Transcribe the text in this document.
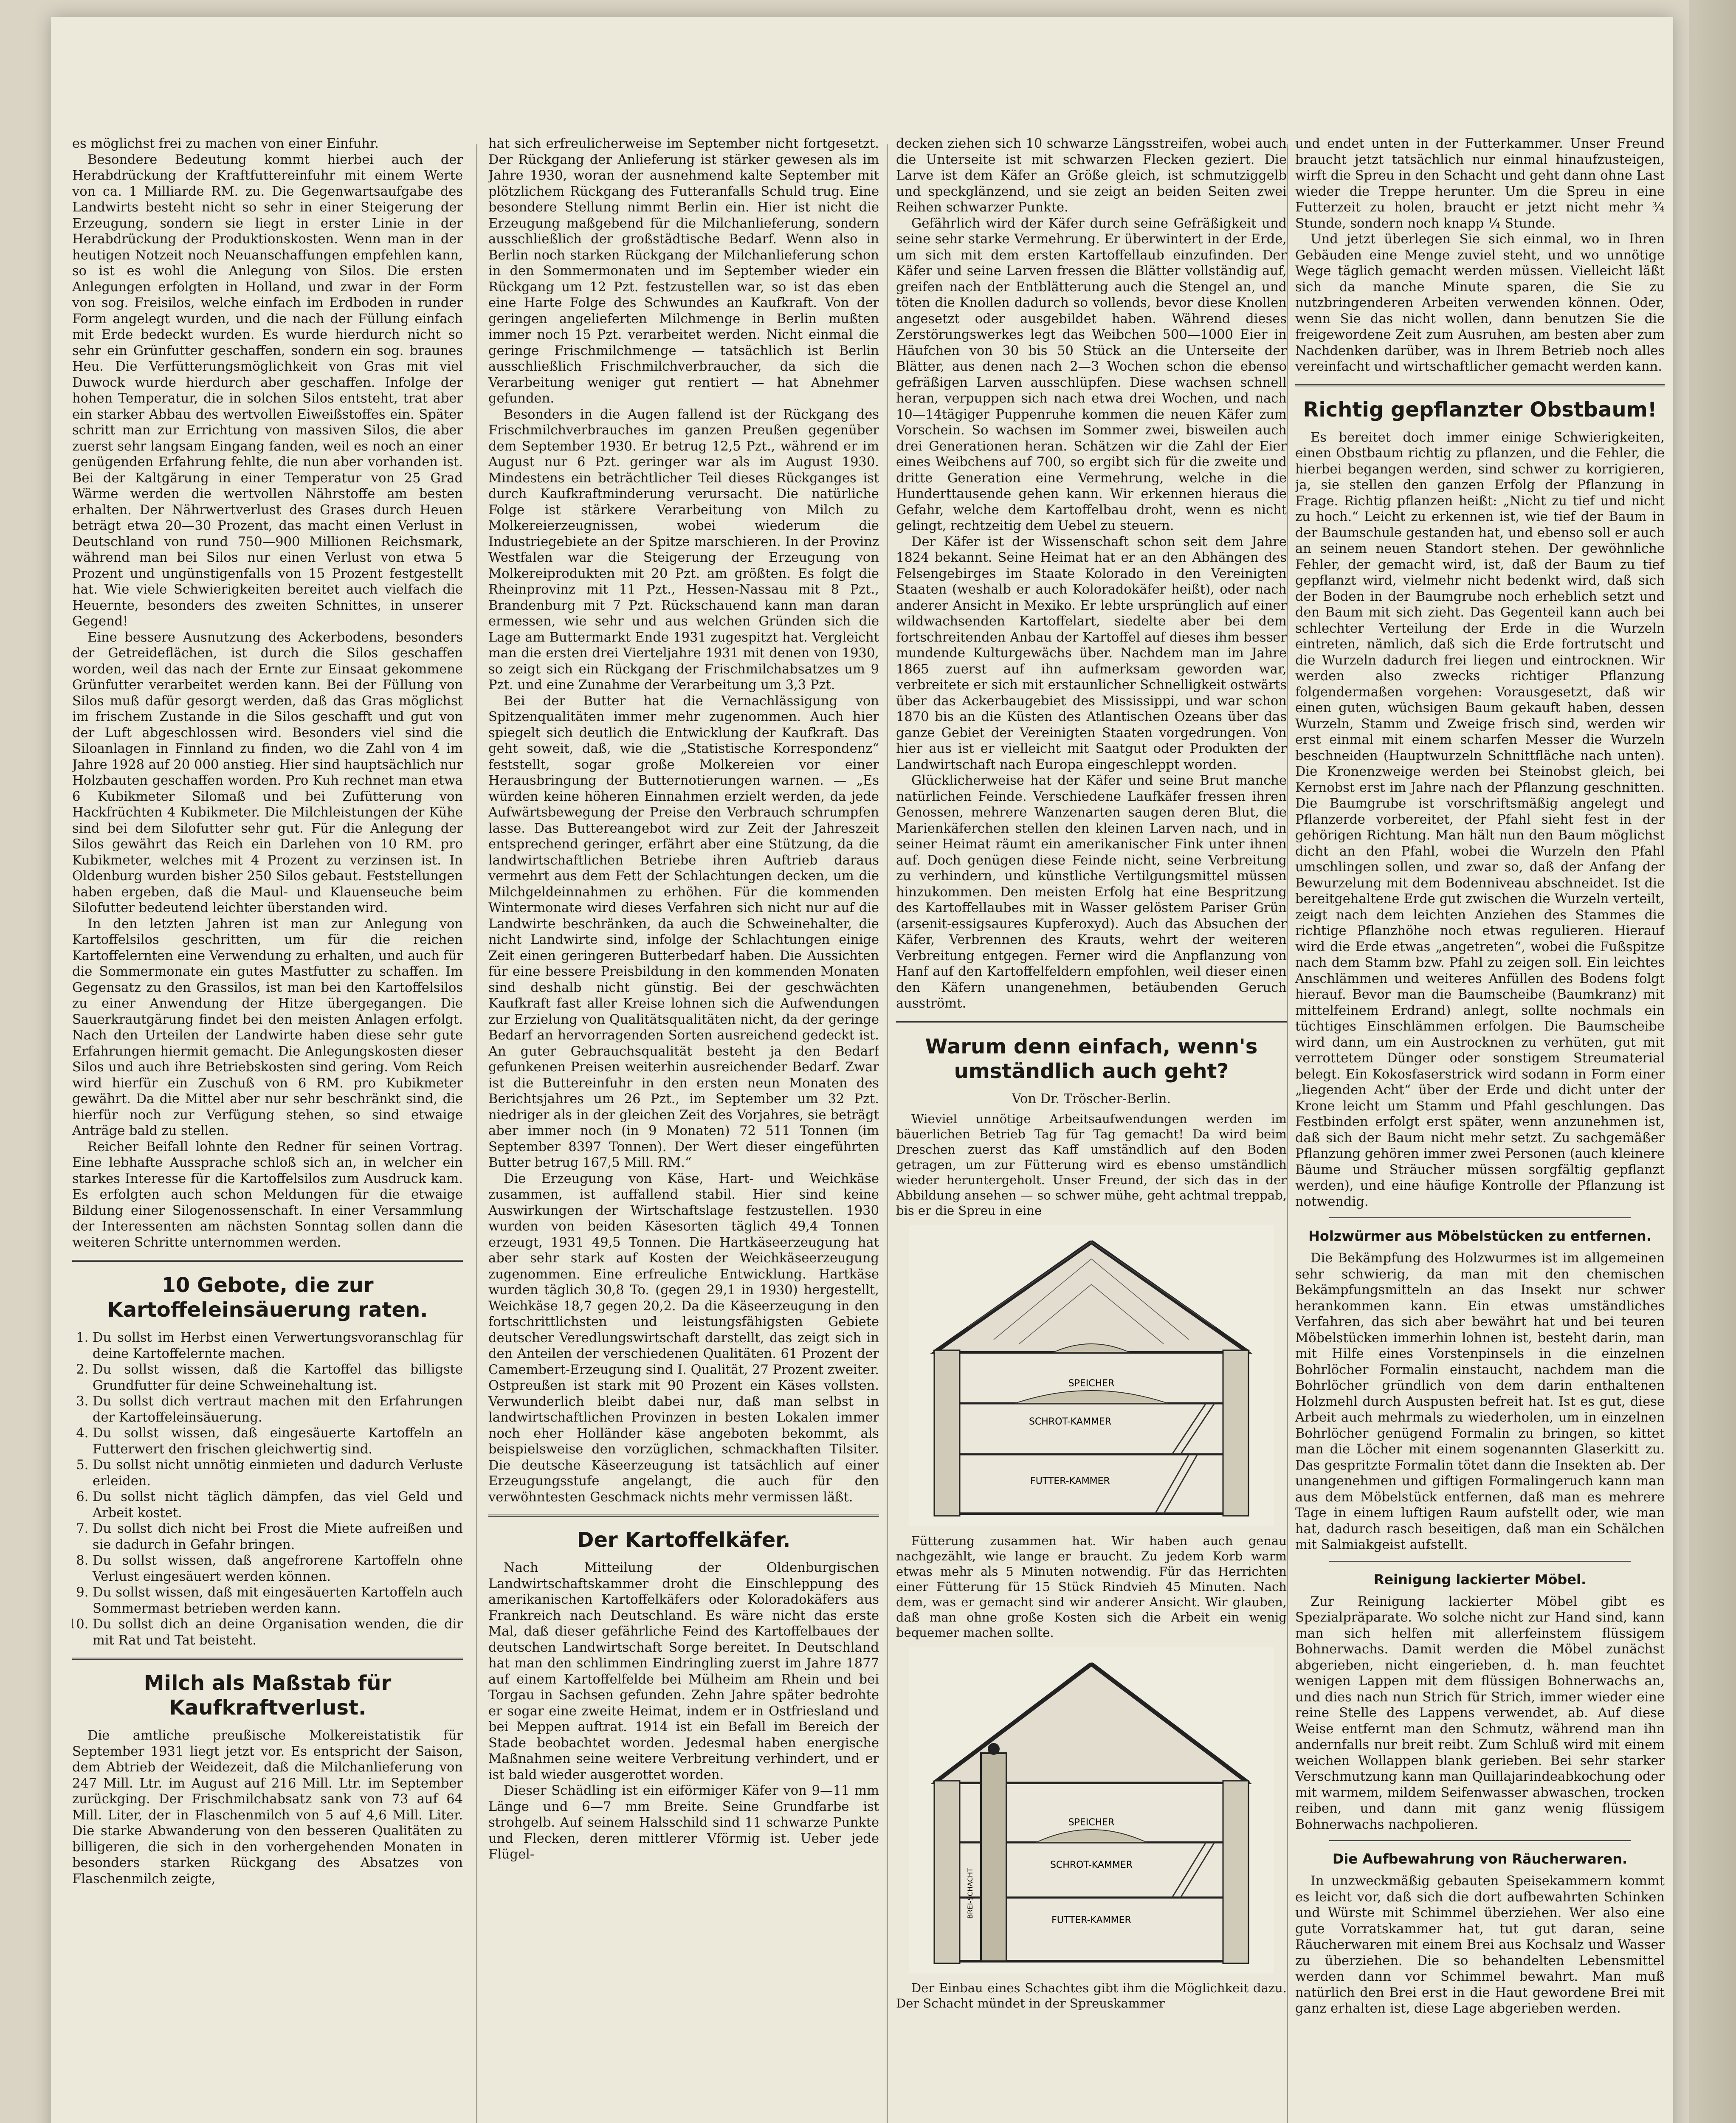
es möglichst frei zu machen von einer Einfuhr.

Besondere Bedeutung kommt hierbei auch der Herabdrückung der Kraftfuttereinfuhr mit einem Werte von ca. 1 Milliarde RM. zu. Die Gegenwartsaufgabe des Landwirts besteht nicht so sehr in einer Steigerung der Erzeugung, sondern sie liegt in erster Linie in der Herabdrückung der Produktionskosten. Wenn man in der heutigen Notzeit noch Neuanschaffungen empfehlen kann, so ist es wohl die Anlegung von Silos. Die ersten Anlegungen erfolgten in Holland, und zwar in der Form von sog. Freisilos, welche einfach im Erdboden in runder Form angelegt wurden, und die nach der Füllung einfach mit Erde bedeckt wurden. Es wurde hierdurch nicht so sehr ein Grünfutter geschaffen, sondern ein sog. braunes Heu. Die Verfütterungsmöglichkeit von Gras mit viel Duwock wurde hierdurch aber geschaffen. Infolge der hohen Temperatur, die in solchen Silos entsteht, trat aber ein starker Abbau des wertvollen Eiweißstoffes ein. Später schritt man zur Errichtung von massiven Silos, die aber zuerst sehr langsam Eingang fanden, weil es noch an einer genügenden Erfahrung fehlte, die nun aber vorhanden ist. Bei der Kaltgärung in einer Temperatur von 25 Grad Wärme werden die wertvollen Nährstoffe am besten erhalten. Der Nährwertverlust des Grases durch Heuen beträgt etwa 20—30 Prozent, das macht einen Verlust in Deutschland von rund 750—900 Millionen Reichsmark, während man bei Silos nur einen Verlust von etwa 5 Prozent und ungünstigenfalls von 15 Prozent festgestellt hat. Wie viele Schwierigkeiten bereitet auch vielfach die Heuernte, besonders des zweiten Schnittes, in unserer Gegend!

Eine bessere Ausnutzung des Ackerbodens, besonders der Getreideflächen, ist durch die Silos geschaffen worden, weil das nach der Ernte zur Einsaat gekommene Grünfutter verarbeitet werden kann. Bei der Füllung von Silos muß dafür gesorgt werden, daß das Gras möglichst im frischem Zustande in die Silos geschafft und gut von der Luft abgeschlossen wird. Besonders viel sind die Siloanlagen in Finnland zu finden, wo die Zahl von 4 im Jahre 1928 auf 20 000 anstieg. Hier sind hauptsächlich nur Holzbauten geschaffen worden. Pro Kuh rechnet man etwa 6 Kubikmeter Silomaß und bei Zufütterung von Hackfrüchten 4 Kubikmeter. Die Milchleistungen der Kühe sind bei dem Silofutter sehr gut. Für die Anlegung der Silos gewährt das Reich ein Darlehen von 10 RM. pro Kubikmeter, welches mit 4 Prozent zu verzinsen ist. In Oldenburg wurden bisher 250 Silos gebaut. Feststellungen haben ergeben, daß die Maul- und Klauenseuche beim Silofutter bedeutend leichter überstanden wird.

In den letzten Jahren ist man zur Anlegung von Kartoffelsilos geschritten, um für die reichen Kartoffelernten eine Verwendung zu erhalten, und auch für die Sommermonate ein gutes Mastfutter zu schaffen. Im Gegensatz zu den Grassilos, ist man bei den Kartoffelsilos zu einer Anwendung der Hitze übergegangen. Die Sauerkrautgärung findet bei den meisten Anlagen erfolgt. Nach den Urteilen der Landwirte haben diese sehr gute Erfahrungen hiermit gemacht. Die Anlegungskosten dieser Silos und auch ihre Betriebskosten sind gering. Vom Reich wird hierfür ein Zuschuß von 6 RM. pro Kubikmeter gewährt. Da die Mittel aber nur sehr beschränkt sind, die hierfür noch zur Verfügung stehen, so sind etwaige Anträge bald zu stellen.

Reicher Beifall lohnte den Redner für seinen Vortrag. Eine lebhafte Aussprache schloß sich an, in welcher ein starkes Interesse für die Kartoffelsilos zum Ausdruck kam. Es erfolgten auch schon Meldungen für die etwaige Bildung einer Silogenossenschaft. In einer Versammlung der Interessenten am nächsten Sonntag sollen dann die weiteren Schritte unternommen werden.

10 Gebote, die zur Kartoffeleinsäuerung raten.
1. Du sollst im Herbst einen Verwertungsvoranschlag für deine Kartoffelernte machen.
2. Du sollst wissen, daß die Kartoffel das billigste Grundfutter für deine Schweinehaltung ist.
3. Du sollst dich vertraut machen mit den Erfahrungen der Kartoffeleinsäuerung.
4. Du sollst wissen, daß eingesäuerte Kartoffeln an Futterwert den frischen gleichwertig sind.
5. Du sollst nicht unnötig einmieten und dadurch Verluste erleiden.
6. Du sollst nicht täglich dämpfen, das viel Geld und Arbeit kostet.
7. Du sollst dich nicht bei Frost die Miete aufreißen und sie dadurch in Gefahr bringen.
8. Du sollst wissen, daß angefrorene Kartoffeln ohne Verlust eingesäuert werden können.
9. Du sollst wissen, daß mit eingesäuerten Kartoffeln auch Sommermast betrieben werden kann.
10. Du sollst dich an deine Organisation wenden, die dir mit Rat und Tat beisteht.
Milch als Maßstab für Kaufkraftverlust.

Die amtliche preußische Molkereistatistik für September 1931 liegt jetzt vor. Es entspricht der Saison, dem Abtrieb der Weidezeit, daß die Milchanlieferung von 247 Mill. Ltr. im August auf 216 Mill. Ltr. im September zurückging. Der Frischmilchabsatz sank von 73 auf 64 Mill. Liter, der in Flaschenmilch von 5 auf 4,6 Mill. Liter. Die starke Abwanderung von den besseren Qualitäten zu billigeren, die sich in den vorhergehenden Monaten in besonders starken Rückgang des Absatzes von Flaschenmilch zeigte,

hat sich erfreulicherweise im September nicht fortgesetzt. Der Rückgang der Anlieferung ist stärker gewesen als im Jahre 1930, woran der ausnehmend kalte September mit plötzlichem Rückgang des Futteranfalls Schuld trug. Eine besondere Stellung nimmt Berlin ein. Hier ist nicht die Erzeugung maßgebend für die Milchanlieferung, sondern ausschließlich der großstädtische Bedarf. Wenn also in Berlin noch starken Rückgang der Milchanlieferung schon in den Sommermonaten und im September wieder ein Rückgang um 12 Pzt. festzustellen war, so ist das eben eine Harte Folge des Schwundes an Kaufkraft. Von der geringen angelieferten Milchmenge in Berlin mußten immer noch 15 Pzt. verarbeitet werden. Nicht einmal die geringe Frischmilchmenge — tatsächlich ist Berlin ausschließlich Frischmilchverbraucher, da sich die Verarbeitung weniger gut rentiert — hat Abnehmer gefunden.

Besonders in die Augen fallend ist der Rückgang des Frischmilchverbrauches im ganzen Preußen gegenüber dem September 1930. Er betrug 12,5 Pzt., während er im August nur 6 Pzt. geringer war als im August 1930. Mindestens ein beträchtlicher Teil dieses Rückganges ist durch Kaufkraftminderung verursacht. Die natürliche Folge ist stärkere Verarbeitung von Milch zu Molkereierzeugnissen, wobei wiederum die Industriegebiete an der Spitze marschieren. In der Provinz Westfalen war die Steigerung der Erzeugung von Molkereiprodukten mit 20 Pzt. am größten. Es folgt die Rheinprovinz mit 11 Pzt., Hessen-Nassau mit 8 Pzt., Brandenburg mit 7 Pzt. Rückschauend kann man daran ermessen, wie sehr und aus welchen Gründen sich die Lage am Buttermarkt Ende 1931 zugespitzt hat. Vergleicht man die ersten drei Vierteljahre 1931 mit denen von 1930, so zeigt sich ein Rückgang der Frischmilchabsatzes um 9 Pzt. und eine Zunahme der Verarbeitung um 3,3 Pzt.

Bei der Butter hat die Vernachlässigung von Spitzenqualitäten immer mehr zugenommen. Auch hier spiegelt sich deutlich die Entwicklung der Kaufkraft. Das geht soweit, daß, wie die „Statistische Korrespondenz“ feststellt, sogar große Molkereien vor einer Herausbringung der Butternotierungen warnen. — „Es würden keine höheren Einnahmen erzielt werden, da jede Aufwärtsbewegung der Preise den Verbrauch schrumpfen lasse. Das Buttereangebot wird zur Zeit der Jahreszeit entsprechend geringer, erfährt aber eine Stützung, da die landwirtschaftlichen Betriebe ihren Auftrieb daraus vermehrt aus dem Fett der Schlachtungen decken, um die Milchgeldeinnahmen zu erhöhen. Für die kommenden Wintermonate wird dieses Verfahren sich nicht nur auf die Landwirte beschränken, da auch die Schweinehalter, die nicht Landwirte sind, infolge der Schlachtungen einige Zeit einen geringeren Butterbedarf haben. Die Aussichten für eine bessere Preisbildung in den kommenden Monaten sind deshalb nicht günstig. Bei der geschwächten Kaufkraft fast aller Kreise lohnen sich die Aufwendungen zur Erzielung von Qualitätsqualitäten nicht, da der geringe Bedarf an hervorragenden Sorten ausreichend gedeckt ist. An guter Gebrauchsqualität besteht ja den Bedarf gefunkenen Preisen weiterhin ausreichender Bedarf. Zwar ist die Buttereinfuhr in den ersten neun Monaten des Berichtsjahres um 26 Pzt., im September um 32 Pzt. niedriger als in der gleichen Zeit des Vorjahres, sie beträgt aber immer noch (in 9 Monaten) 72 511 Tonnen (im September 8397 Tonnen). Der Wert dieser eingeführten Butter betrug 167,5 Mill. RM.“

Die Erzeugung von Käse, Hart- und Weichkäse zusammen, ist auffallend stabil. Hier sind keine Auswirkungen der Wirtschaftslage festzustellen. 1930 wurden von beiden Käsesorten täglich 49,4 Tonnen erzeugt, 1931 49,5 Tonnen. Die Hartkäseerzeugung hat aber sehr stark auf Kosten der Weichkäseerzeugung zugenommen. Eine erfreuliche Entwicklung. Hartkäse wurden täglich 30,8 To. (gegen 29,1 in 1930) hergestellt, Weichkäse 18,7 gegen 20,2. Da die Käseerzeugung in den fortschrittlichsten und leistungsfähigsten Gebiete deutscher Veredlungswirtschaft darstellt, das zeigt sich in den Anteilen der verschiedenen Qualitäten. 61 Prozent der Camembert-Erzeugung sind I. Qualität, 27 Prozent zweiter. Ostpreußen ist stark mit 90 Prozent ein Käses vollsten. Verwunderlich bleibt dabei nur, daß man selbst in landwirtschaftlichen Provinzen in besten Lokalen immer noch eher Holländer käse angeboten bekommt, als beispielsweise den vorzüglichen, schmackhaften Tilsiter. Die deutsche Käseerzeugung ist tatsächlich auf einer Erzeugungsstufe angelangt, die auch für den verwöhntesten Geschmack nichts mehr vermissen läßt.

Der Kartoffelkäfer.

Nach Mitteilung der Oldenburgischen Landwirtschaftskammer droht die Einschleppung des amerikanischen Kartoffelkäfers oder Koloradokäfers aus Frankreich nach Deutschland. Es wäre nicht das erste Mal, daß dieser gefährliche Feind des Kartoffelbaues der deutschen Landwirtschaft Sorge bereitet. In Deutschland hat man den schlimmen Eindringling zuerst im Jahre 1877 auf einem Kartoffelfelde bei Mülheim am Rhein und bei Torgau in Sachsen gefunden. Zehn Jahre später bedrohte er sogar eine zweite Heimat, indem er in Ostfriesland und bei Meppen auftrat. 1914 ist ein Befall im Bereich der Stade beobachtet worden. Jedesmal haben energische Maßnahmen seine weitere Verbreitung verhindert, und er ist bald wieder ausgerottet worden.

Dieser Schädling ist ein eiförmiger Käfer von 9—11 mm Länge und 6—7 mm Breite. Seine Grundfarbe ist strohgelb. Auf seinem Halsschild sind 11 schwarze Punkte und Flecken, deren mittlerer Vförmig ist. Ueber jede Flügel-

decken ziehen sich 10 schwarze Längsstreifen, wobei auch die Unterseite ist mit schwarzen Flecken geziert. Die Larve ist dem Käfer an Größe gleich, ist schmutziggelb und speckglänzend, und sie zeigt an beiden Seiten zwei Reihen schwarzer Punkte.

Gefährlich wird der Käfer durch seine Gefräßigkeit und seine sehr starke Vermehrung. Er überwintert in der Erde, um sich mit dem ersten Kartoffellaub einzufinden. Der Käfer und seine Larven fressen die Blätter vollständig auf, greifen nach der Entblätterung auch die Stengel an, und töten die Knollen dadurch so vollends, bevor diese Knollen angesetzt oder ausgebildet haben. Während dieses Zerstörungswerkes legt das Weibchen 500—1000 Eier in Häufchen von 30 bis 50 Stück an die Unterseite der Blätter, aus denen nach 2—3 Wochen schon die ebenso gefräßigen Larven ausschlüpfen. Diese wachsen schnell heran, verpuppen sich nach etwa drei Wochen, und nach 10—14tägiger Puppenruhe kommen die neuen Käfer zum Vorschein. So wachsen im Sommer zwei, bisweilen auch drei Generationen heran. Schätzen wir die Zahl der Eier eines Weibchens auf 700, so ergibt sich für die zweite und dritte Generation eine Vermehrung, welche in die Hunderttausende gehen kann. Wir erkennen hieraus die Gefahr, welche dem Kartoffelbau droht, wenn es nicht gelingt, rechtzeitig dem Uebel zu steuern.

Der Käfer ist der Wissenschaft schon seit dem Jahre 1824 bekannt. Seine Heimat hat er an den Abhängen des Felsengebirges im Staate Kolorado in den Vereinigten Staaten (weshalb er auch Koloradokäfer heißt), oder nach anderer Ansicht in Mexiko. Er lebte ursprünglich auf einer wildwachsenden Kartoffelart, siedelte aber bei dem fortschreitenden Anbau der Kartoffel auf dieses ihm besser mundende Kulturgewächs über. Nachdem man im Jahre 1865 zuerst auf ihn aufmerksam geworden war, verbreitete er sich mit erstaunlicher Schnelligkeit ostwärts über das Ackerbaugebiet des Mississippi, und war schon 1870 bis an die Küsten des Atlantischen Ozeans über das ganze Gebiet der Vereinigten Staaten vorgedrungen. Von hier aus ist er vielleicht mit Saatgut oder Produkten der Landwirtschaft nach Europa eingeschleppt worden.

Glücklicherweise hat der Käfer und seine Brut manche natürlichen Feinde. Verschiedene Laufkäfer fressen ihren Genossen, mehrere Wanzenarten saugen deren Blut, die Marienkäferchen stellen den kleinen Larven nach, und in seiner Heimat räumt ein amerikanischer Fink unter ihnen auf. Doch genügen diese Feinde nicht, seine Verbreitung zu verhindern, und künstliche Vertilgungsmittel müssen hinzukommen. Den meisten Erfolg hat eine Bespritzung des Kartoffellaubes mit in Wasser gelöstem Pariser Grün (arsenit-essigsaures Kupferoxyd). Auch das Absuchen der Käfer, Verbrennen des Krauts, wehrt der weiteren Verbreitung entgegen. Ferner wird die Anpflanzung von Hanf auf den Kartoffelfeldern empfohlen, weil dieser einen den Käfern unangenehmen, betäubenden Geruch ausströmt.

Warum denn einfach, wenn's umständlich auch geht?
Von Dr. Tröscher-Berlin.

Wieviel unnötige Arbeitsaufwendungen werden im bäuerlichen Betrieb Tag für Tag gemacht! Da wird beim Dreschen zuerst das Kaff umständlich auf den Boden getragen, um zur Fütterung wird es ebenso umständlich wieder heruntergeholt. Unser Freund, der sich das in der Abbildung ansehen — so schwer mühe, geht achtmal treppab, bis er die Spreu in eine

SPEICHER
SCHROT-KAMMER
FUTTER-KAMMER

Fütterung zusammen hat. Wir haben auch genau nachgezählt, wie lange er braucht. Zu jedem Korb warm etwas mehr als 5 Minuten notwendig. Für das Herrichten einer Fütterung für 15 Stück Rindvieh 45 Minuten. Nach dem, was er gemacht sind wir anderer Ansicht. Wir glauben, daß man ohne große Kosten sich die Arbeit ein wenig bequemer machen sollte.

SPEICHER
SCHROT-KAMMER
FUTTER-KAMMER
BREI-SCHACHT

Der Einbau eines Schachtes gibt ihm die Möglichkeit dazu. Der Schacht mündet in der Spreuskammer

und endet unten in der Futterkammer. Unser Freund braucht jetzt tatsächlich nur einmal hinaufzusteigen, wirft die Spreu in den Schacht und geht dann ohne Last wieder die Treppe herunter. Um die Spreu in eine Futterzeit zu holen, braucht er jetzt nicht mehr ¾ Stunde, sondern noch knapp ¼ Stunde.

Und jetzt überlegen Sie sich einmal, wo in Ihren Gebäuden eine Menge zuviel steht, und wo unnötige Wege täglich gemacht werden müssen. Vielleicht läßt sich da manche Minute sparen, die Sie zu nutzbringenderen Arbeiten verwenden können. Oder, wenn Sie das nicht wollen, dann benutzen Sie die freigewordene Zeit zum Ausruhen, am besten aber zum Nachdenken darüber, was in Ihrem Betrieb noch alles vereinfacht und wirtschaftlicher gemacht werden kann.

Richtig gepflanzter Obstbaum!

Es bereitet doch immer einige Schwierigkeiten, einen Obstbaum richtig zu pflanzen, und die Fehler, die hierbei begangen werden, sind schwer zu korrigieren, ja, sie stellen den ganzen Erfolg der Pflanzung in Frage. Richtig pflanzen heißt: „Nicht zu tief und nicht zu hoch.“ Leicht zu erkennen ist, wie tief der Baum in der Baumschule gestanden hat, und ebenso soll er auch an seinem neuen Standort stehen. Der gewöhnliche Fehler, der gemacht wird, ist, daß der Baum zu tief gepflanzt wird, vielmehr nicht bedenkt wird, daß sich der Boden in der Baumgrube noch erheblich setzt und den Baum mit sich zieht. Das Gegenteil kann auch bei schlechter Verteilung der Erde in die Wurzeln eintreten, nämlich, daß sich die Erde fortrutscht und die Wurzeln dadurch frei liegen und eintrocknen. Wir werden also zwecks richtiger Pflanzung folgendermaßen vorgehen: Vorausgesetzt, daß wir einen guten, wüchsigen Baum gekauft haben, dessen Wurzeln, Stamm und Zweige frisch sind, werden wir erst einmal mit einem scharfen Messer die Wurzeln beschneiden (Hauptwurzeln Schnittfläche nach unten). Die Kronenzweige werden bei Steinobst gleich, bei Kernobst erst im Jahre nach der Pflanzung geschnitten. Die Baumgrube ist vorschriftsmäßig angelegt und Pflanzerde vorbereitet, der Pfahl sieht fest in der gehörigen Richtung. Man hält nun den Baum möglichst dicht an den Pfahl, wobei die Wurzeln den Pfahl umschlingen sollen, und zwar so, daß der Anfang der Bewurzelung mit dem Bodenniveau abschneidet. Ist die bereitgehaltene Erde gut zwischen die Wurzeln verteilt, zeigt nach dem leichten Anziehen des Stammes die richtige Pflanzhöhe noch etwas regulieren. Hierauf wird die Erde etwas „angetreten“, wobei die Fußspitze nach dem Stamm bzw. Pfahl zu zeigen soll. Ein leichtes Anschlämmen und weiteres Anfüllen des Bodens folgt hierauf. Bevor man die Baumscheibe (Baumkranz) mit mittelfeinem Erdrand) anlegt, sollte nochmals ein tüchtiges Einschlämmen erfolgen. Die Baumscheibe wird dann, um ein Austrocknen zu verhüten, gut mit verrottetem Dünger oder sonstigem Streumaterial belegt. Ein Kokosfaserstrick wird sodann in Form einer „liegenden Acht“ über der Erde und dicht unter der Krone leicht um Stamm und Pfahl geschlungen. Das Festbinden erfolgt erst später, wenn anzunehmen ist, daß sich der Baum nicht mehr setzt. Zu sachgemäßer Pflanzung gehören immer zwei Personen (auch kleinere Bäume und Sträucher müssen sorgfältig gepflanzt werden), und eine häufige Kontrolle der Pflanzung ist notwendig.

Holzwürmer aus Möbelstücken zu entfernen.

Die Bekämpfung des Holzwurmes ist im allgemeinen sehr schwierig, da man mit den chemischen Bekämpfungsmitteln an das Insekt nur schwer herankommen kann. Ein etwas umständliches Verfahren, das sich aber bewährt hat und bei teuren Möbelstücken immerhin lohnen ist, besteht darin, man mit Hilfe eines Vorstenpinsels in die einzelnen Bohrlöcher Formalin einstaucht, nachdem man die Bohrlöcher gründlich von dem darin enthaltenen Holzmehl durch Auspusten befreit hat. Ist es gut, diese Arbeit auch mehrmals zu wiederholen, um in einzelnen Bohrlöcher genügend Formalin zu bringen, so kittet man die Löcher mit einem sogenannten Glaserkitt zu. Das gespritzte Formalin tötet dann die Insekten ab. Der unangenehmen und giftigen Formalingeruch kann man aus dem Möbelstück entfernen, daß man es mehrere Tage in einem luftigen Raum aufstellt oder, wie man hat, dadurch rasch beseitigen, daß man ein Schälchen mit Salmiakgeist aufstellt.

Reinigung lackierter Möbel.

Zur Reinigung lackierter Möbel gibt es Spezialpräparate. Wo solche nicht zur Hand sind, kann man sich helfen mit allerfeinstem flüssigem Bohnerwachs. Damit werden die Möbel zunächst abgerieben, nicht eingerieben, d. h. man feuchtet wenigen Lappen mit dem flüssigen Bohnerwachs an, und dies nach nun Strich für Strich, immer wieder eine reine Stelle des Lappens verwendet, ab. Auf diese Weise entfernt man den Schmutz, während man ihn andernfalls nur breit reibt. Zum Schluß wird mit einem weichen Wollappen blank gerieben. Bei sehr starker Verschmutzung kann man Quillajarindeabkochung oder mit warmem, mildem Seifenwasser abwaschen, trocken reiben, und dann mit ganz wenig flüssigem Bohnerwachs nachpolieren.

Die Aufbewahrung von Räucherwaren.

In unzweckmäßig gebauten Speisekammern kommt es leicht vor, daß sich die dort aufbewahrten Schinken und Würste mit Schimmel überziehen. Wer also eine gute Vorratskammer hat, tut gut daran, seine Räucherwaren mit einem Brei aus Kochsalz und Wasser zu überziehen. Die so behandelten Lebensmittel werden dann vor Schimmel bewahrt. Man muß natürlich den Brei erst in die Haut gewordene Brei mit ganz erhalten ist, diese Lage abgerieben werden.
